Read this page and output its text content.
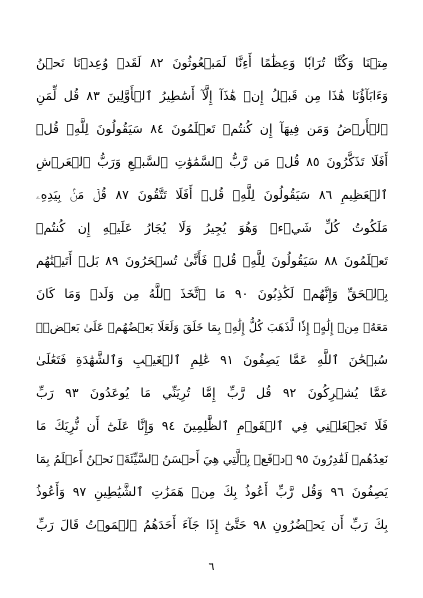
مِتۡنَا وَكُنَّا تُرَابٗا وَعِظَٰمًا أَءِنَّا لَمَبۡعُوثُونَ ٨٢ لَقَدۡ وُعِدۡنَا نَحۡنُ
وَءَابَآؤُنَا هَٰذَا مِن قَبۡلُ إِنۡ هَٰذَآ إِلَّآ أَسَٰطِيرُ ٱلۡأَوَّلِينَ ٨٣ قُل لِّمَنِ
ٱلۡأَرۡضُ وَمَن فِيهَآ إِن كُنتُمۡ تَعۡلَمُونَ ٨٤ سَيَقُولُونَ لِلَّهِۚ قُلۡ
أَفَلَا تَذَكَّرُونَ ٨٥ قُلۡ مَن رَّبُّ ٱلسَّمَٰوَٰتِ ٱلسَّبۡعِ وَرَبُّ ٱلۡعَرۡشِ
ٱلۡعَظِيمِ ٨٦ سَيَقُولُونَ لِلَّهِۚ قُلۡ أَفَلَا تَتَّقُونَ ٨٧ قُلۡ مَنۢ بِيَدِهِۦ
مَلَكُوتُ كُلِّ شَيۡءٖ وَهُوَ يُجِيرُ وَلَا يُجَارُ عَلَيۡهِ إِن كُنتُمۡ
تَعۡلَمُونَ ٨٨ سَيَقُولُونَ لِلَّهِۚ قُلۡ فَأَنَّىٰ تُسۡحَرُونَ ٨٩ بَلۡ أَتَيۡنَٰهُم
بِٱلۡحَقِّ وَإِنَّهُمۡ لَكَٰذِبُونَ ٩٠ مَا ٱتَّخَذَ ٱللَّهُ مِن وَلَدٖ وَمَا كَانَ
مَعَهُۥ مِنۡ إِلَٰهٍۚ إِذٗا لَّذَهَبَ كُلُّ إِلَٰهِۭ بِمَا خَلَقَ وَلَعَلَا بَعۡضُهُمۡ عَلَىٰ بَعۡضٖۚ
سُبۡحَٰنَ ٱللَّهِ عَمَّا يَصِفُونَ ٩١ عَٰلِمِ ٱلۡغَيۡبِ وَٱلشَّهَٰدَةِ فَتَعَٰلَىٰ
عَمَّا يُشۡرِكُونَ ٩٢ قُل رَّبِّ إِمَّا تُرِيَنِّي مَا يُوعَدُونَ ٩٣ رَبِّ
فَلَا تَجۡعَلۡنِي فِي ٱلۡقَوۡمِ ٱلظَّٰلِمِينَ ٩٤ وَإِنَّا عَلَىٰٓ أَن نُّرِيَكَ مَا
نَعِدُهُمۡ لَقَٰدِرُونَ ٩٥ ٱدۡفَعۡ بِٱلَّتِي هِيَ أَحۡسَنُ ٱلسَّيِّئَةَۚ نَحۡنُ أَعۡلَمُ بِمَا
يَصِفُونَ ٩٦ وَقُل رَّبِّ أَعُوذُ بِكَ مِنۡ هَمَزَٰتِ ٱلشَّيَٰطِينِ ٩٧ وَأَعُوذُ
بِكَ رَبِّ أَن يَحۡضُرُونِ ٩٨ حَتَّىٰٓ إِذَا جَآءَ أَحَدَهُمُ ٱلۡمَوۡتُ قَالَ رَبِّ
٦
